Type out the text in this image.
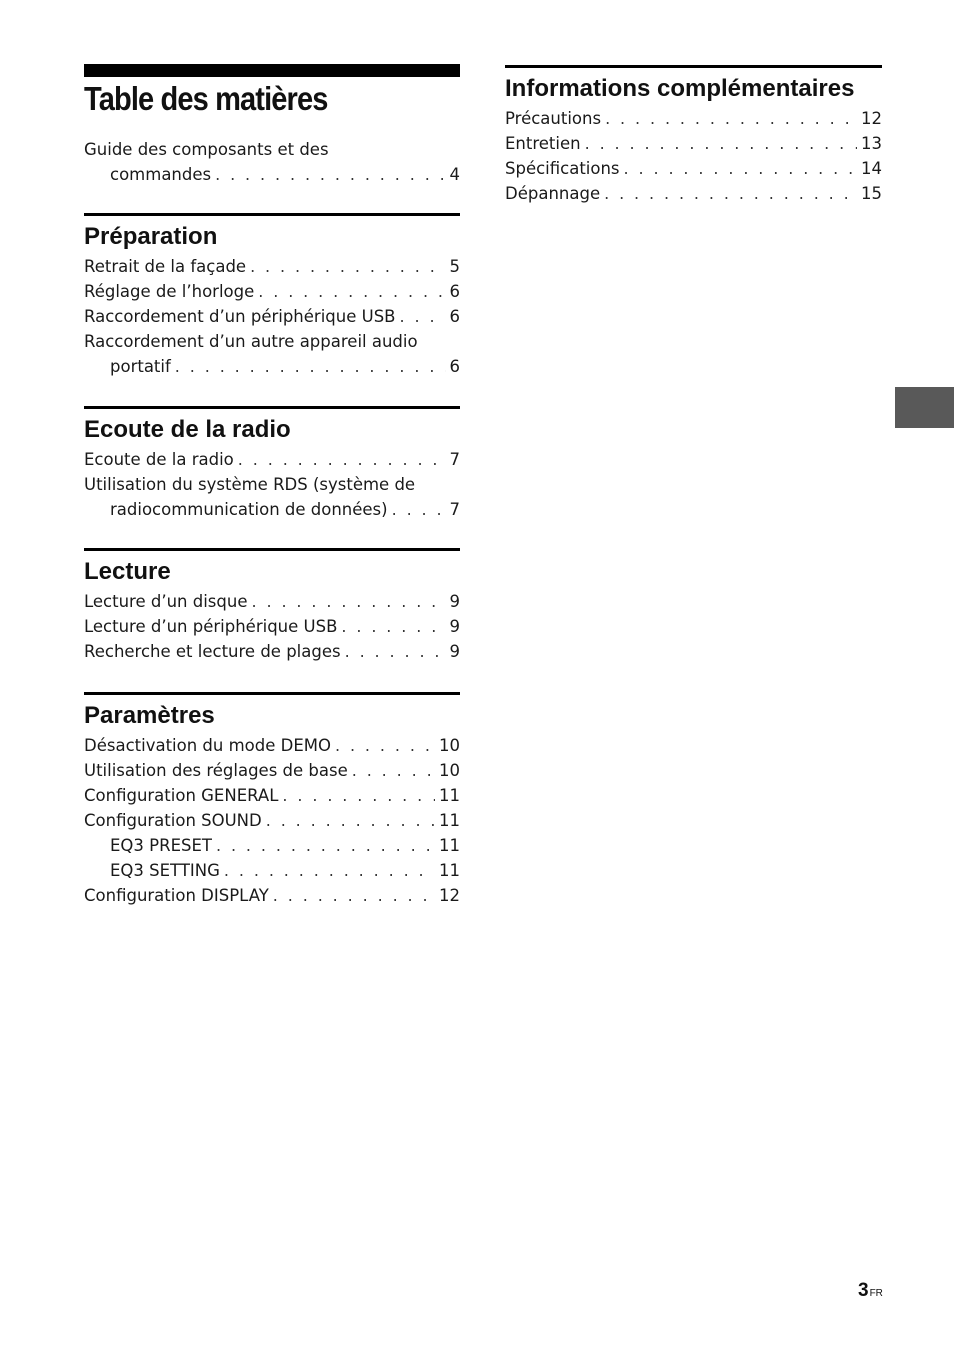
Table des matières
Guide des composants et des
commandes . . .	4
Préparation
Retrait de la façade . . .	5
Réglage de l’horloge . . .	6
Raccordement d’un périphérique USB . . .	6
Raccordement d’un autre appareil audio
portatif . . .	6
Ecoute de la radio
Ecoute de la radio . . .	7
Utilisation du système RDS (système de
radiocommunication de données) . . .	7
Lecture
Lecture d’un disque . . .	9
Lecture d’un périphérique USB . . .	9
Recherche et lecture de plages . . .	9
Paramètres
Désactivation du mode DEMO . . .	10
Utilisation des réglages de base . . .	10
Configuration GENERAL . . .	11
Configuration SOUND . . .	11
EQ3 PRESET . . .	11
EQ3 SETTING . . .	11
Configuration DISPLAY . . .	12
Informations complémentaires
Précautions . . .	12
Entretien . . .	13
Spécifications . . .	14
Dépannage . . .	15
3FR
